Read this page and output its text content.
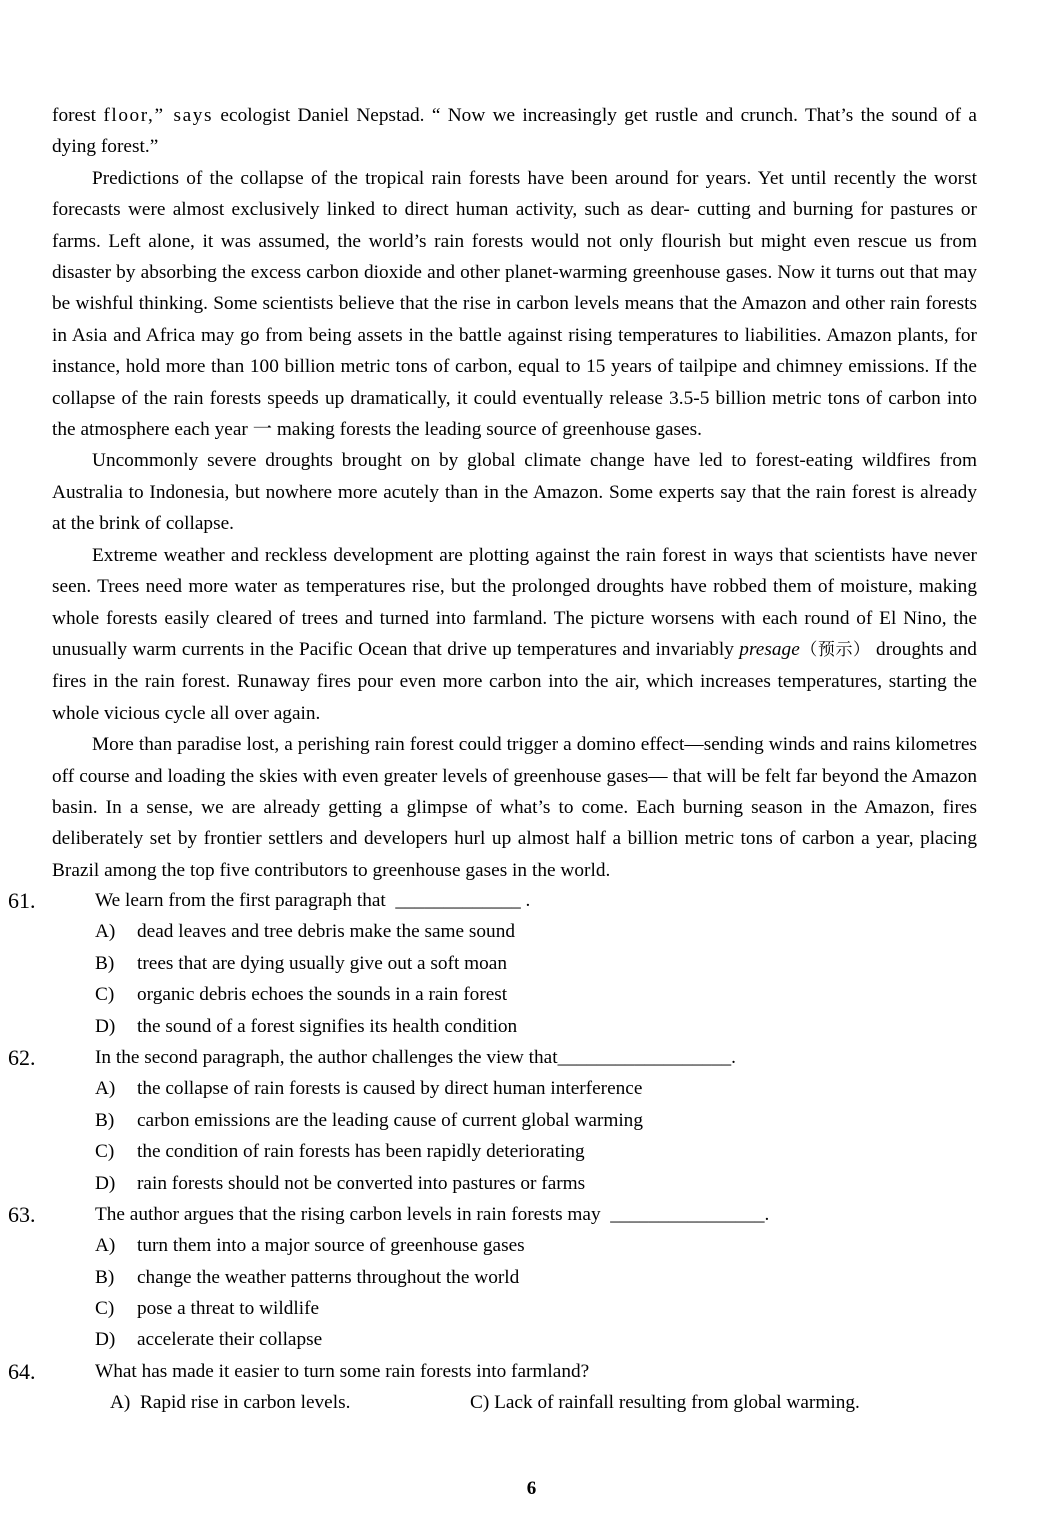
forest floor,” says ecologist Daniel Nepstad. “ Now we increasingly get rustle and crunch. That’s the sound of a dying forest.”

Predictions of the collapse of the tropical rain forests have been around for years. Yet until recently the worst forecasts were almost exclusively linked to direct human activity, such as dear- cutting and burning for pastures or farms. Left alone, it was assumed, the world’s rain forests would not only flourish but might even rescue us from disaster by absorbing the excess carbon dioxide and other planet-warming greenhouse gases. Now it turns out that may be wishful thinking. Some scientists believe that the rise in carbon levels means that the Amazon and other rain forests in Asia and Africa may go from being assets in the battle against rising temperatures to liabilities. Amazon plants, for instance, hold more than 100 billion metric tons of carbon, equal to 15 years of tailpipe and chimney emissions. If the collapse of the rain forests speeds up dramatically, it could eventually release 3.5-5 billion metric tons of carbon into the atmosphere each year 一 making forests the leading source of greenhouse gases.

Uncommonly severe droughts brought on by global climate change have led to forest-eating wildfires from Australia to Indonesia, but nowhere more acutely than in the Amazon. Some experts say that the rain forest is already at the brink of collapse.

Extreme weather and reckless development are plotting against the rain forest in ways that scientists have never seen. Trees need more water as temperatures rise, but the prolonged droughts have robbed them of moisture, making whole forests easily cleared of trees and turned into farmland. The picture worsens with each round of El Nino, the unusually warm currents in the Pacific Ocean that drive up temperatures and invariably presage（预示） droughts and fires in the rain forest. Runaway fires pour even more carbon into the air, which increases temperatures, starting the whole vicious cycle all over again.

More than paradise lost, a perishing rain forest could trigger a domino effect—sending winds and rains kilometres off course and loading the skies with even greater levels of greenhouse gases— that will be felt far beyond the Amazon basin. In a sense, we are already getting a glimpse of what’s to come. Each burning season in the Amazon, fires deliberately set by frontier settlers and developers hurl up almost half a billion metric tons of carbon a year, placing Brazil among the top five contributors to greenhouse gases in the world.

61.	We learn from the first paragraph that  _____________ .
A)	dead leaves and tree debris make the same sound
B)	trees that are dying usually give out a soft moan
C)	organic debris echoes the sounds in a rain forest
D)	the sound of a forest signifies its health condition
62.	In the second paragraph, the author challenges the view that__________________.
A)	the collapse of rain forests is caused by direct human interference
B)	carbon emissions are the leading cause of current global warming
C)	the condition of rain forests has been rapidly deteriorating
D)	rain forests should not be converted into pastures or farms
63.	The author argues that the rising carbon levels in rain forests may  ________________.
A)	turn them into a major source of greenhouse gases
B)	change the weather patterns throughout the world
C)	pose a threat to wildlife
D)	accelerate their collapse
64.	What has made it easier to turn some rain forests into farmland?
A)  Rapid rise in carbon levels.	C) Lack of rainfall resulting from global warming.
6
